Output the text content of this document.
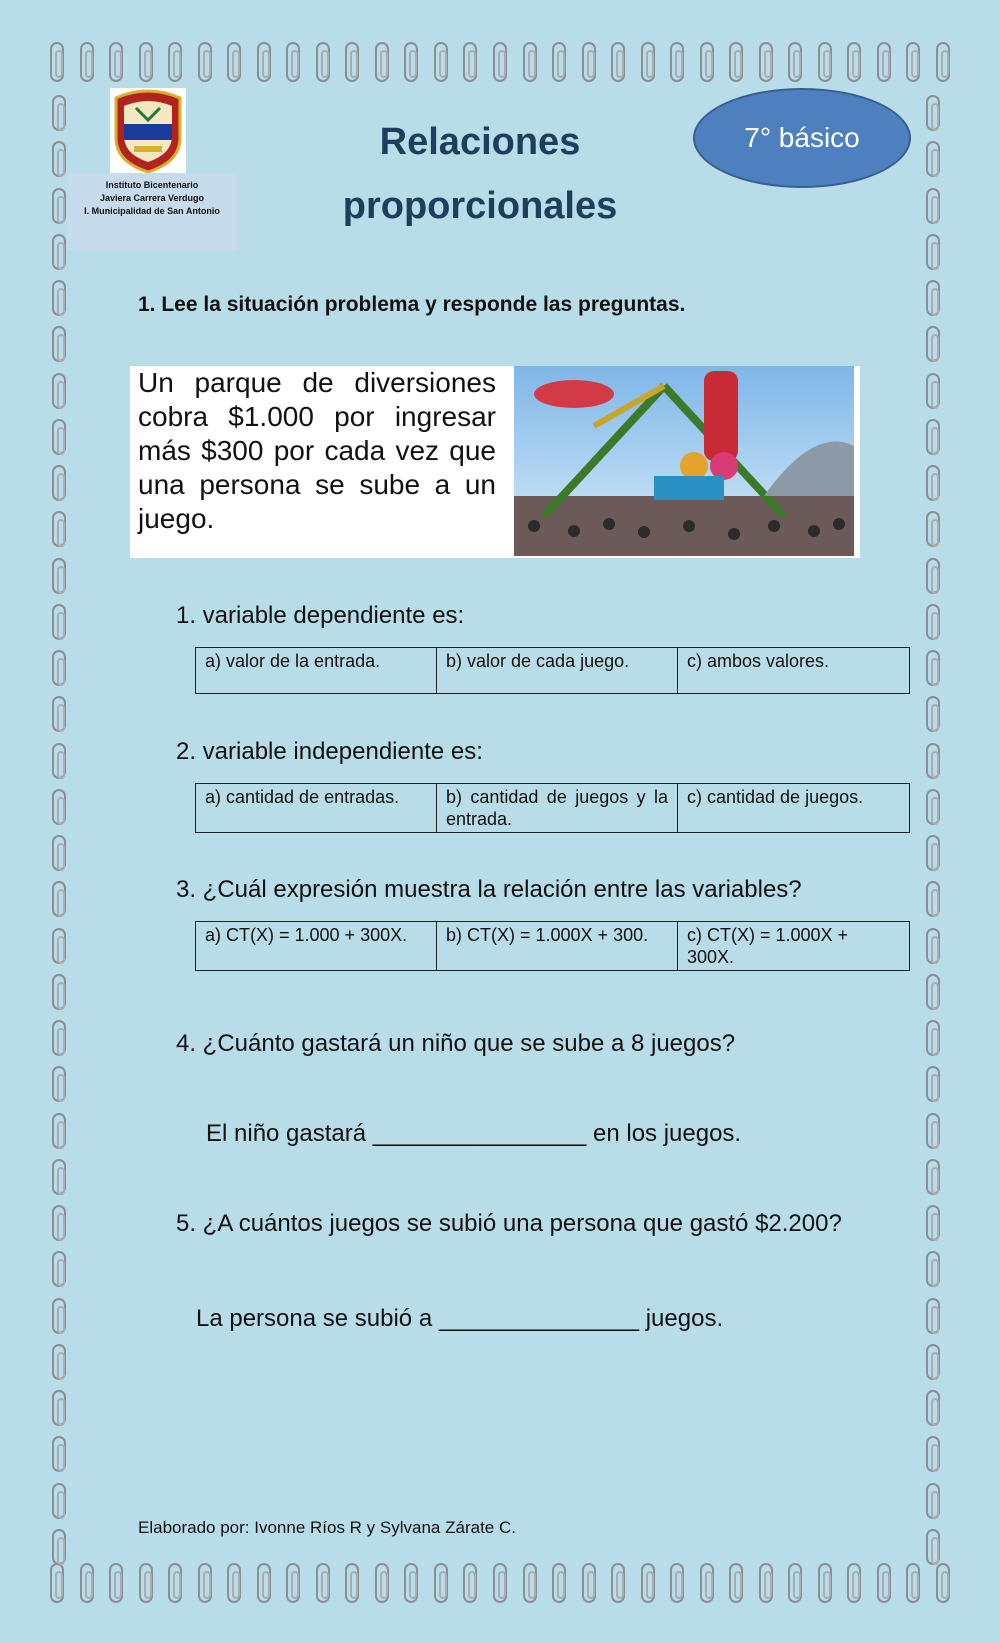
Instituto Bicentenario
Javiera Carrera Verdugo
I. Municipalidad de San Antonio
Relaciones
proporcionales
7° básico
1. Lee la situación problema y responde las preguntas.
Un parque de diversiones cobra $1.000 por ingresar más $300 por cada vez que una persona se sube a un juego.
1. variable dependiente es:
a) valor de la entrada.	b) valor de cada juego.	c) ambos valores.
2. variable independiente es:
a) cantidad de entradas.	b) cantidad de juegos y la entrada.	c) cantidad de juegos.
3. ¿Cuál expresión muestra la relación entre las variables?
a) CT(X) = 1.000 + 300X.	b) CT(X) = 1.000X + 300.	c) CT(X) = 1.000X + 300X.
4. ¿Cuánto gastará un niño que se sube a 8 juegos?
El niño gastará ________________ en los juegos.
5. ¿A cuántos juegos se subió una persona que gastó $2.200?
La persona se subió a _______________ juegos.
Elaborado por: Ivonne Ríos R y Sylvana Zárate C.
